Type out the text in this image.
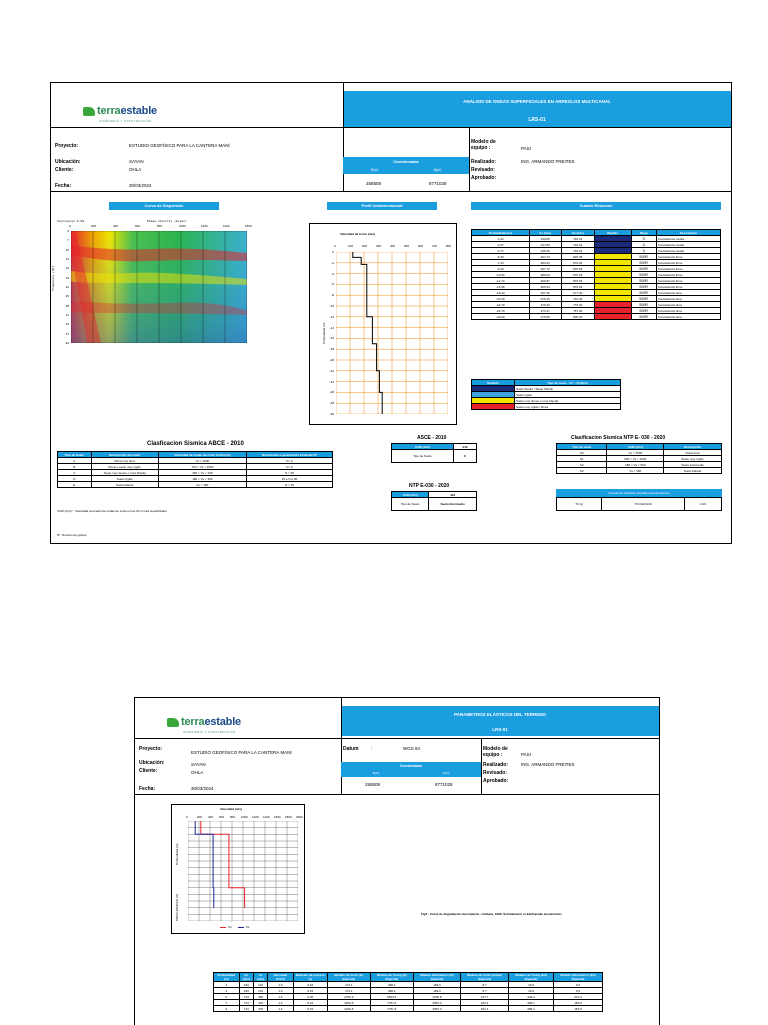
terraestable
INGENIERÍA Y CONSTRUCCIÓN
ANÁLISIS DE ONDAS SUPERFICIALES EN ARREGLOS MULTICANAL
LRS-01
Proyecto:	ESTUDIO GEOFÍSICO PARA LA CANTERA MANÍ
Ubicación:	SAYAN
Cliente:	OHLA
Fecha:	30/03/2024
Coordenadas
E(m)	N(m)
258508	8771028
Modelo de equipo :	PASI
Realizado:	ING. ARMANDO FREITES
Revisado:
Aprobado:
Curva de Dispersión	Perfil Unidimensional	Cuadro Resumen
Source(m)=-5.0m	Phase velocity (m/sec)
Frequency (Hz)
0	200	400	600	800	1000	1200	1400	1600
6
7
10
13
16
19
22
25
28
31
34
37
40
Velocidad de Corte (m/s)
Profundidad (m)
0	100	200	300	400	500	600	700	800
0
-2
-4
-6
-8
-10
-12
-14
-16
-18
-20
-22
-24
-26
-28
-30
Profundidad (m)	Vs (m/s)	Vp (m/s)	Rigidez	N(sp)	Descripción
-1.02	249.65	746.01		3	Consistencia media
-2.27	247.84	746.01		3	Consistencia media
-3.77	246.29	746.01		3	Consistencia media
-5.46	264.73	826.38		50/R	Consistencia firme
-7.23	283.63	876.63		50/R	Consistencia firme
-9.30	297.72	876.63		50/R	Consistencia firme
-10.94	289.03	876.63		50/R	Consistencia firme
-12.74	266.87	876.63		50/R	Consistencia firme
-15.08	265.64	876.63		50/R	Consistencia firme
-18.13	257.40	677.30		50/R	Consistencia dura
-20.49	279.15	716.30		50/R	Consistencia dura
-22.73	276.26	776.30		50/R	Consistencia dura
-26.79	273.37	787.30		50/R	Consistencia dura
-30.00	275.60	800.30		50/R	Consistencia dura
Símbolo	Tipo de suelo - Vs* - N (Sp/s)
	Suelo Suelto / Suelo blando
	Suelo rígido
	Suelo muy denso o roca blanda
	Suelo muy rígido / Roca
Clasficacion Sismica ABCE - 2010
Tipo de Suelo	Descripción del suelo	Velocidad de ondas de corte Vs30 (m/s)	Resistencia a penetración Estándar N*
A	Roca muy dura	Vs > 1500	N / A
B	Roca o suelo muy rígido	760 < Vs < 1500	N / A
C	Suelo muy denso o roca blanda	360 < Vs < 760	N > 50
D	Suelo rígido	180 < Vs < 360	15 ≤ N ≤ 50
E	Suelo blando	Vs < 180	N < 15
Vs30 (m/s)* : Velocidad promedio de ondas de corte en los 30 m más superficiales
N*: Numero de golpes
ASCE - 2010
Vs30 (m/s)	416
Tipo de Suelo	C
NTP E-030 - 2020
Vs30 (m/s)	416
Tipo de Suelo	Suelo Intermedio
Clasificacion Sismica NTP E- 030 - 2020
Tipo de suelo	Vs30 (m/s)	Descripción
S0	Vs > 1500	Roca dura
S1	500 < Vs < 1500	Suelo muy rígido
S2	180 < Vs < 500	Suelo intermedio
S3	Vs < 180	Suelo blando
Periodo de Vibración Fundamental del terreno
T0 (s)	T0=4H/Vs30	0.29
terraestable
INGENIERÍA Y CONSTRUCCIÓN
PARAMETROS ELÁSTICOS DEL TERRENO
LRS-01
Proyecto:
ESTUDIO GEOFÍSICO PARA LA CANTERA MANÍ
Ubicación:	SAYAN
Cliente:	OHLA
Fecha:	30/03/2024
Datum	:	WGS 84
Coordenadas
E(m)	N(m)
258508	8771028
Modelo de equipo :	PASI
Realizado:	ING. ARMANDO FREITES
Revisado:
Aprobado:
Velocidad (m/s)
0	200 400 600 800 1000 1200 1400 1600 1800 2000
Profundidad (m)
PROFUNDIDAD (m)
Vp	Vs
Fig3 : Curva de degradación del material - Ishihara, 1996: Soil Behavior in Earthquake Geotechnics
Profundidad (m)	Vp (m/s)	Vs (m/s)	Densidad (T/m3)	Relación de poisson (v)	Módulo de Corte (G) (Kg/cm2)	Módulo de Young (E) (Kg/cm2)	Módulo Volumétrico (K) (Kg/cm2)	Módulo de Corte (Gmax) (Kg/cm2)	Módulo de Young (Ed) (Kg/cm2)	Módulo Volumétrico (Kd) (Kg/cm2)
2	233	131	1.0	0.15	173.1	398.2	189.6	8.7	19.9	9.5
4	233	131	1.0	0.15	173.1	398.2	189.6	8.7	19.9	9.5
5	744	456	1.4	0.26	2756.3	6843.5	4635.8	137.7	342.2	231.3
7	744	470	1.4	0.15	3246.5	7751.5	3687.4	162.4	385.1	183.8
9	744	470	1.4	0.15	3246.5	7751.5	3687.4	162.4	385.1	183.8
